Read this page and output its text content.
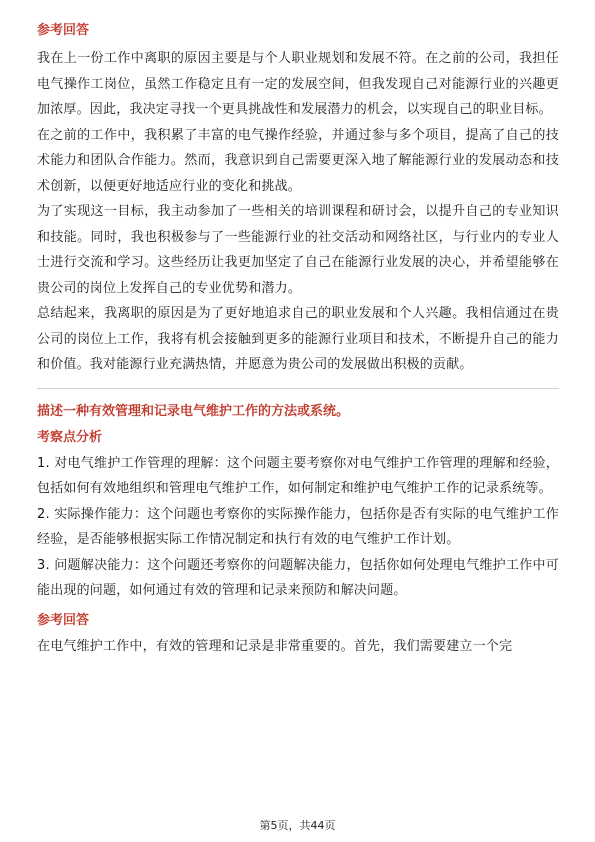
参考回答

我在上一份工作中离职的原因主要是与个人职业规划和发展不符。在之前的公司，我担任电气操作工岗位，虽然工作稳定且有一定的发展空间，但我发现自己对能源行业的兴趣更加浓厚。因此，我决定寻找一个更具挑战性和发展潜力的机会，以实现自己的职业目标。

在之前的工作中，我积累了丰富的电气操作经验，并通过参与多个项目，提高了自己的技术能力和团队合作能力。然而，我意识到自己需要更深入地了解能源行业的发展动态和技术创新，以便更好地适应行业的变化和挑战。

为了实现这一目标，我主动参加了一些相关的培训课程和研讨会，以提升自己的专业知识和技能。同时，我也积极参与了一些能源行业的社交活动和网络社区，与行业内的专业人士进行交流和学习。这些经历让我更加坚定了自己在能源行业发展的决心，并希望能够在贵公司的岗位上发挥自己的专业优势和潜力。

总结起来，我离职的原因是为了更好地追求自己的职业发展和个人兴趣。我相信通过在贵公司的岗位上工作，我将有机会接触到更多的能源行业项目和技术，不断提升自己的能力和价值。我对能源行业充满热情，并愿意为贵公司的发展做出积极的贡献。

描述一种有效管理和记录电气维护工作的方法或系统。
考察点分析

1. 对电气维护工作管理的理解：这个问题主要考察你对电气维护工作管理的理解和经验，包括如何有效地组织和管理电气维护工作，如何制定和维护电气维护工作的记录系统等。

2. 实际操作能力：这个问题也考察你的实际操作能力，包括你是否有实际的电气维护工作经验，是否能够根据实际工作情况制定和执行有效的电气维护工作计划。

3. 问题解决能力：这个问题还考察你的问题解决能力，包括你如何处理电气维护工作中可能出现的问题，如何通过有效的管理和记录来预防和解决问题。

参考回答

在电气维护工作中，有效的管理和记录是非常重要的。首先，我们需要建立一个完

第5页，共44页
